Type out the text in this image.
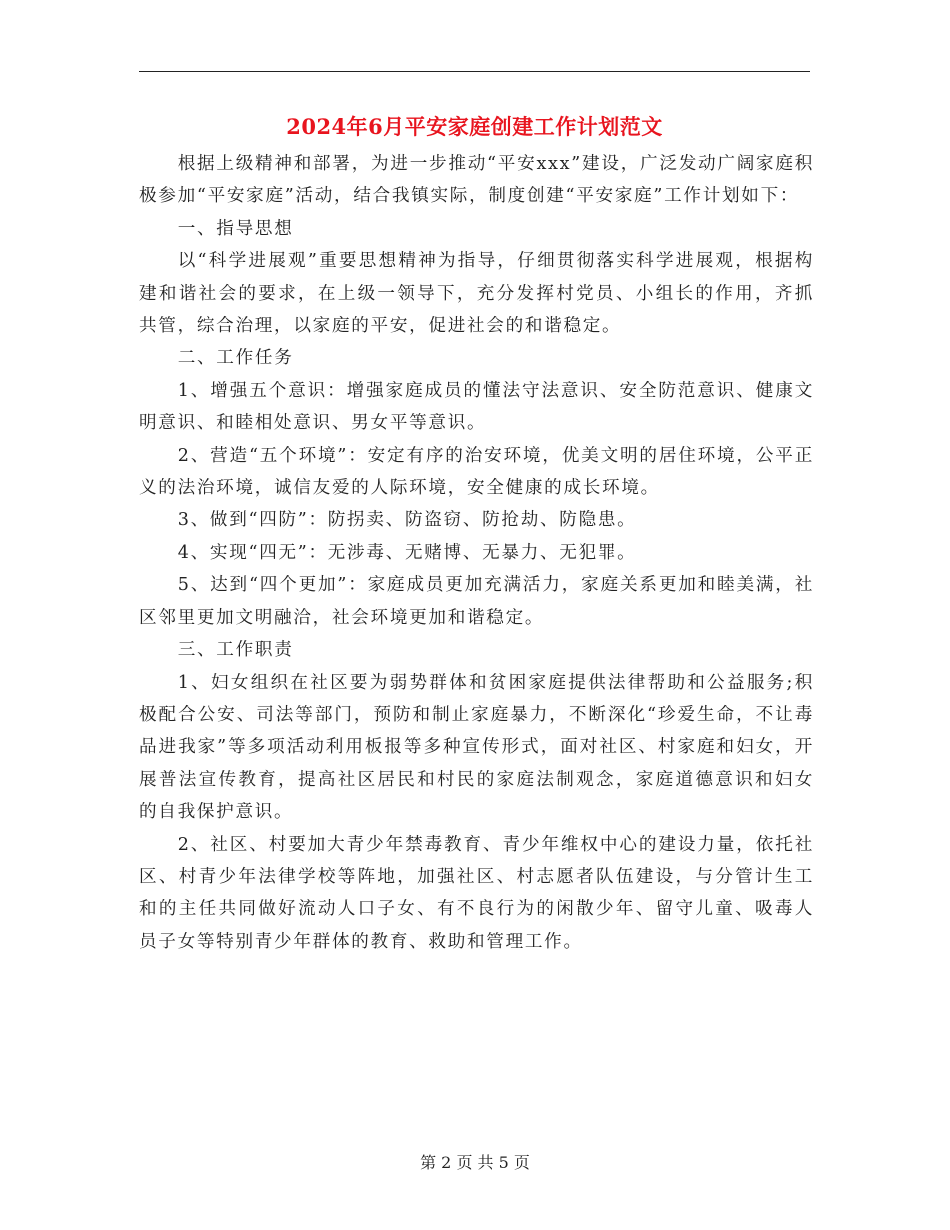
2024年6月平安家庭创建工作计划范文

根据上级精神和部署，为进一步推动“平安xxx”建设，广泛发动广阔家庭积极参加“平安家庭”活动，结合我镇实际，制度创建“平安家庭”工作计划如下：

一、指导思想

以“科学进展观”重要思想精神为指导，仔细贯彻落实科学进展观，根据构建和谐社会的要求，在上级一领导下，充分发挥村党员、小组长的作用，齐抓共管，综合治理，以家庭的平安，促进社会的和谐稳定。

二、工作任务

1、增强五个意识：增强家庭成员的懂法守法意识、安全防范意识、健康文明意识、和睦相处意识、男女平等意识。

2、营造“五个环境”：安定有序的治安环境，优美文明的居住环境，公平正义的法治环境，诚信友爱的人际环境，安全健康的成长环境。

3、做到“四防”：防拐卖、防盗窃、防抢劫、防隐患。

4、实现“四无”：无涉毒、无赌博、无暴力、无犯罪。

5、达到“四个更加”：家庭成员更加充满活力，家庭关系更加和睦美满，社区邻里更加文明融洽，社会环境更加和谐稳定。

三、工作职责

1、妇女组织在社区要为弱势群体和贫困家庭提供法律帮助和公益服务;积极配合公安、司法等部门，预防和制止家庭暴力，不断深化“珍爱生命，不让毒品进我家”等多项活动利用板报等多种宣传形式，面对社区、村家庭和妇女，开展普法宣传教育，提高社区居民和村民的家庭法制观念，家庭道德意识和妇女的自我保护意识。

2、社区、村要加大青少年禁毒教育、青少年维权中心的建设力量，依托社区、村青少年法律学校等阵地，加强社区、村志愿者队伍建设，与分管计生工和的主任共同做好流动人口子女、有不良行为的闲散少年、留守儿童、吸毒人员子女等特别青少年群体的教育、救助和管理工作。

第 2 页 共 5 页
